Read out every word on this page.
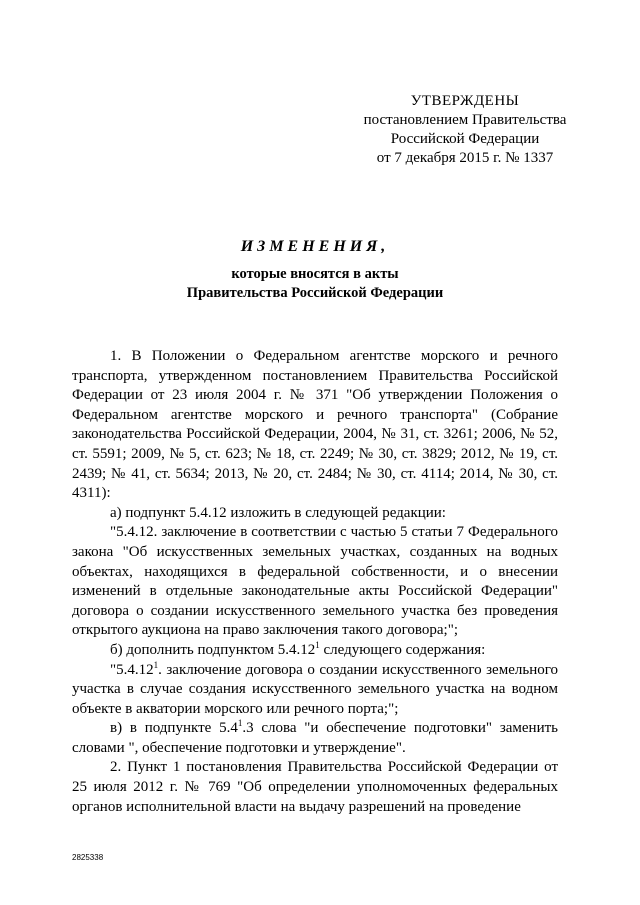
УТВЕРЖДЕНЫ
постановлением Правительства
Российской Федерации
от 7 декабря 2015 г. № 1337
ИЗМЕНЕНИЯ,
которые вносятся в акты
Правительства Российской Федерации

1. В Положении о Федеральном агентстве морского и речного транспорта, утвержденном постановлением Правительства Российской Федерации от 23 июля 2004 г. № 371 "Об утверждении Положения о Федеральном агентстве морского и речного транспорта" (Собрание законодательства Российской Федерации, 2004, № 31, ст. 3261; 2006, № 52, ст. 5591; 2009, № 5, ст. 623; № 18, ст. 2249; № 30, ст. 3829; 2012, № 19, ст. 2439; № 41, ст. 5634; 2013, № 20, ст. 2484; № 30, ст. 4114; 2014, № 30, ст. 4311):

а) подпункт 5.4.12 изложить в следующей редакции:

"5.4.12. заключение в соответствии с частью 5 статьи 7 Федерального закона "Об искусственных земельных участках, созданных на водных объектах, находящихся в федеральной собственности, и о внесении изменений в отдельные законодательные акты Российской Федерации" договора о создании искусственного земельного участка без проведения открытого аукциона на право заключения такого договора;";

б) дополнить подпунктом 5.4.12$^1$ следующего содержания:

"5.4.12$^1$. заключение договора о создании искусственного земельного участка в случае создания искусственного земельного участка на водном объекте в акватории морского или речного порта;";

в) в подпункте $5.4^1.3$ слова "и обеспечение подготовки" заменить словами ", обеспечение подготовки и утверждение".

2. Пункт 1 постановления Правительства Российской Федерации от 25 июля 2012 г. № 769 "Об определении уполномоченных федеральных органов исполнительной власти на выдачу разрешений на проведение

2825338
